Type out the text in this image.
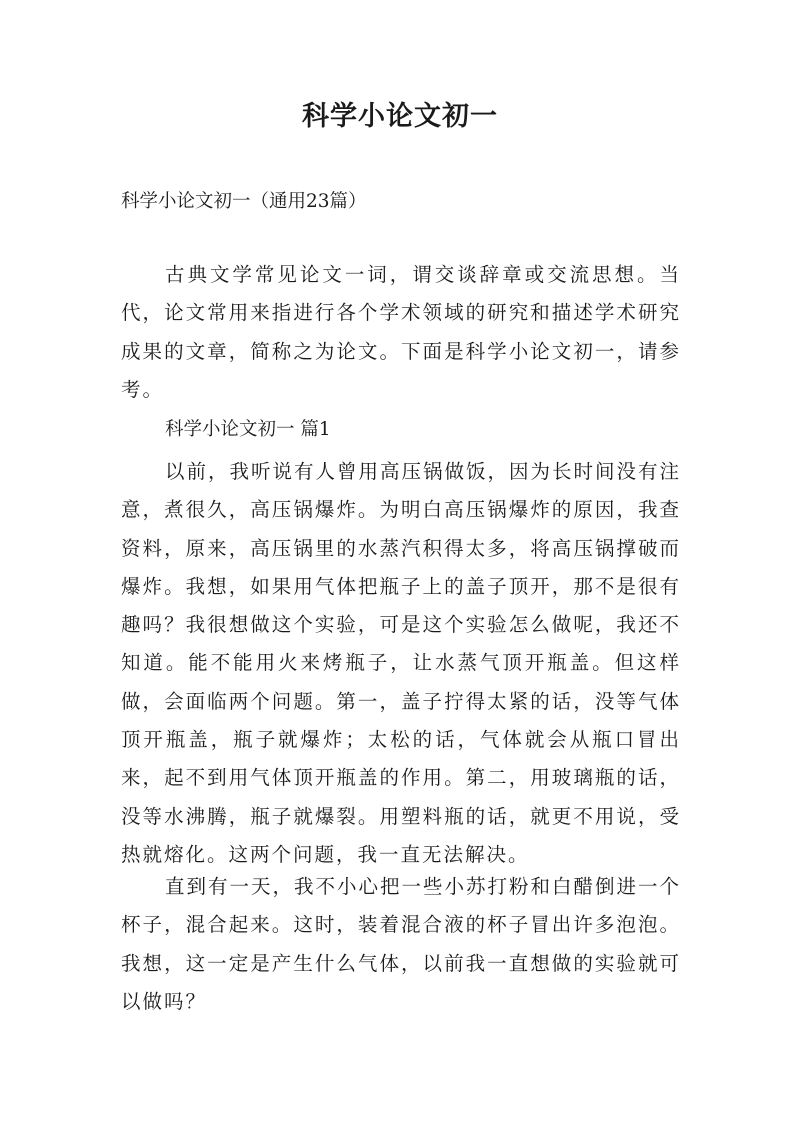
科学小论文初一
科学小论文初一（通用23篇）

古典文学常见论文一词，谓交谈辞章或交流思想。当代，论文常用来指进行各个学术领域的研究和描述学术研究成果的文章，简称之为论文。下面是科学小论文初一，请参考。

科学小论文初一 篇1

以前，我听说有人曾用高压锅做饭，因为长时间没有注意，煮很久，高压锅爆炸。为明白高压锅爆炸的原因，我查资料，原来，高压锅里的水蒸汽积得太多，将高压锅撑破而爆炸。我想，如果用气体把瓶子上的盖子顶开，那不是很有趣吗？我很想做这个实验，可是这个实验怎么做呢，我还不知道。能不能用火来烤瓶子，让水蒸气顶开瓶盖。但这样做，会面临两个问题。第一，盖子拧得太紧的话，没等气体顶开瓶盖，瓶子就爆炸；太松的话，气体就会从瓶口冒出来，起不到用气体顶开瓶盖的作用。第二，用玻璃瓶的话，没等水沸腾，瓶子就爆裂。用塑料瓶的话，就更不用说，受热就熔化。这两个问题，我一直无法解决。

直到有一天，我不小心把一些小苏打粉和白醋倒进一个杯子，混合起来。这时，装着混合液的杯子冒出许多泡泡。我想，这一定是产生什么气体，以前我一直想做的实验就可以做吗？
